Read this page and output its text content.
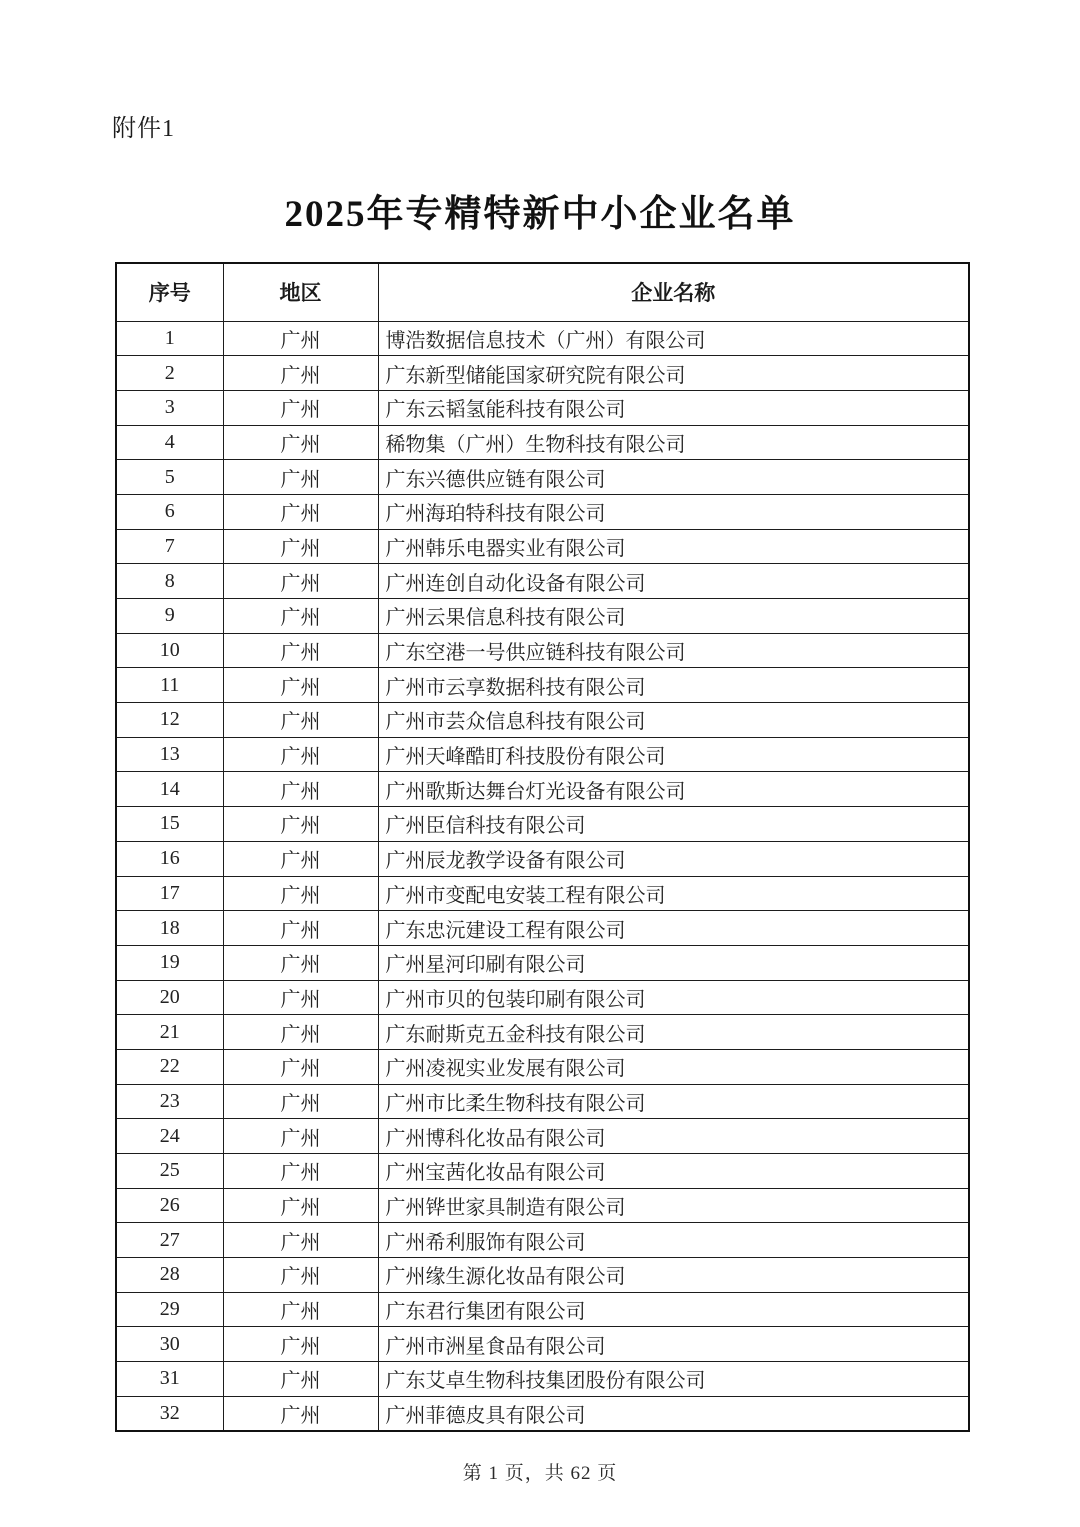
附件1
2025年专精特新中小企业名单
序号	地区	企业名称
1	广州	博浩数据信息技术（广州）有限公司
2	广州	广东新型储能国家研究院有限公司
3	广州	广东云韬氢能科技有限公司
4	广州	稀物集（广州）生物科技有限公司
5	广州	广东兴德供应链有限公司
6	广州	广州海珀特科技有限公司
7	广州	广州韩乐电器实业有限公司
8	广州	广州连创自动化设备有限公司
9	广州	广州云果信息科技有限公司
10	广州	广东空港一号供应链科技有限公司
11	广州	广州市云享数据科技有限公司
12	广州	广州市芸众信息科技有限公司
13	广州	广州天峰酷盯科技股份有限公司
14	广州	广州歌斯达舞台灯光设备有限公司
15	广州	广州臣信科技有限公司
16	广州	广州辰龙教学设备有限公司
17	广州	广州市变配电安装工程有限公司
18	广州	广东忠沅建设工程有限公司
19	广州	广州星河印刷有限公司
20	广州	广州市贝的包装印刷有限公司
21	广州	广东耐斯克五金科技有限公司
22	广州	广州凌视实业发展有限公司
23	广州	广州市比柔生物科技有限公司
24	广州	广州博科化妆品有限公司
25	广州	广州宝茜化妆品有限公司
26	广州	广州铧世家具制造有限公司
27	广州	广州希利服饰有限公司
28	广州	广州缘生源化妆品有限公司
29	广州	广东君行集团有限公司
30	广州	广州市洲星食品有限公司
31	广州	广东艾卓生物科技集团股份有限公司
32	广州	广州菲德皮具有限公司
第 1 页，共 62 页
